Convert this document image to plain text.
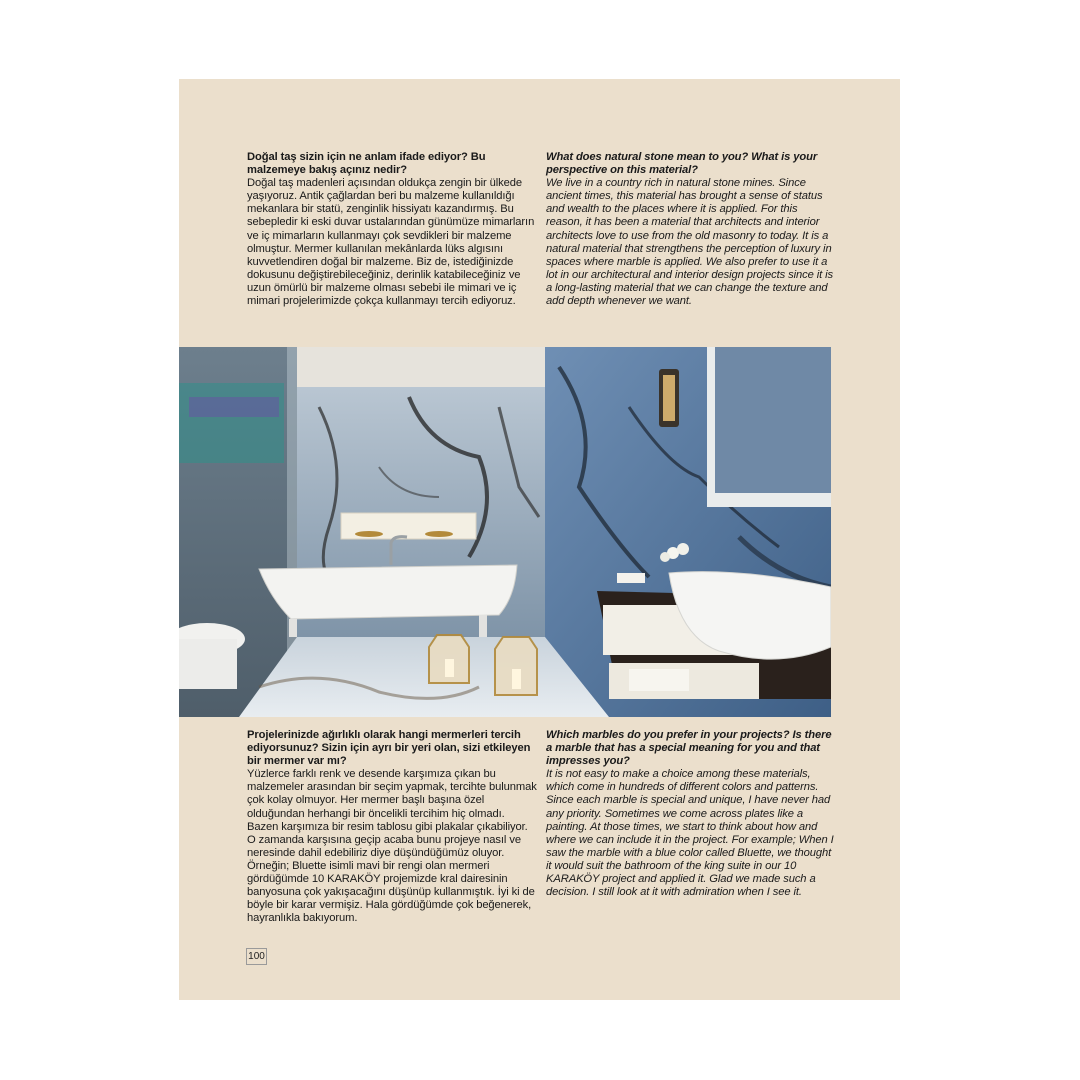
Doğal taş sizin için ne anlam ifade ediyor? Bu malzemeye bakış açınız nedir?

Doğal taş madenleri açısından oldukça zengin bir ülkede yaşıyoruz. Antik çağlardan beri bu malzeme kullanıldığı mekanlara bir statü, zenginlik hissiyatı kazandırmış. Bu sebepledir ki eski duvar ustalarından günümüze mimarların ve iç mimarların kullanmayı çok sevdikleri bir malzeme olmuştur. Mermer kullanılan mekânlarda lüks algısını kuvvetlendiren doğal bir malzeme. Biz de, istediğinizde dokusunu değiştirebileceğiniz, derinlik katabileceğiniz ve uzun ömürlü bir malzeme olması sebebi ile mimari ve iç mimari projelerimizde çokça kullanmayı tercih ediyoruz.

What does natural stone mean to you? What is your perspective on this material?

We live in a country rich in natural stone mines. Since ancient times, this material has brought a sense of status and wealth to the places where it is applied. For this reason, it has been a material that architects and interior architects love to use from the old masonry to today. It is a natural material that strengthens the perception of luxury in spaces where marble is applied. We also prefer to use it a lot in our architectural and interior design projects since it is a long-lasting material that we can change the texture and add depth whenever we want.

Projelerinizde ağırlıklı olarak hangi mermerleri tercih ediyorsunuz? Sizin için ayrı bir yeri olan, sizi etkileyen bir mermer var mı?

Yüzlerce farklı renk ve desende karşımıza çıkan bu malzemeler arasından bir seçim yapmak, tercihte bulunmak çok kolay olmuyor. Her mermer başlı başına özel olduğundan herhangi bir öncelikli tercihim hiç olmadı. Bazen karşımıza bir resim tablosu gibi plakalar çıkabiliyor. O zamanda karşısına geçip acaba bunu projeye nasıl ve neresinde dahil edebiliriz diye düşündüğümüz oluyor. Örneğin; Bluette isimli mavi bir rengi olan mermeri gördüğümde 10 KARAKÖY projemizde kral dairesinin banyosuna çok yakışacağını düşünüp kullanmıştık. İyi ki de böyle bir karar vermişiz. Hala gördüğümde çok beğenerek, hayranlıkla bakıyorum.

Which marbles do you prefer in your projects? Is there a marble that has a special meaning for you and that impresses you?

It is not easy to make a choice among these materials, which come in hundreds of different colors and patterns. Since each marble is special and unique, I have never had any priority. Sometimes we come across plates like a painting. At those times, we start to think about how and where we can include it in the project. For example; When I saw the marble with a blue color called Bluette, we thought it would suit the bathroom of the king suite in our 10 KARAKÖY project and applied it. Glad we made such a decision. I still look at it with admiration when I see it.

100
